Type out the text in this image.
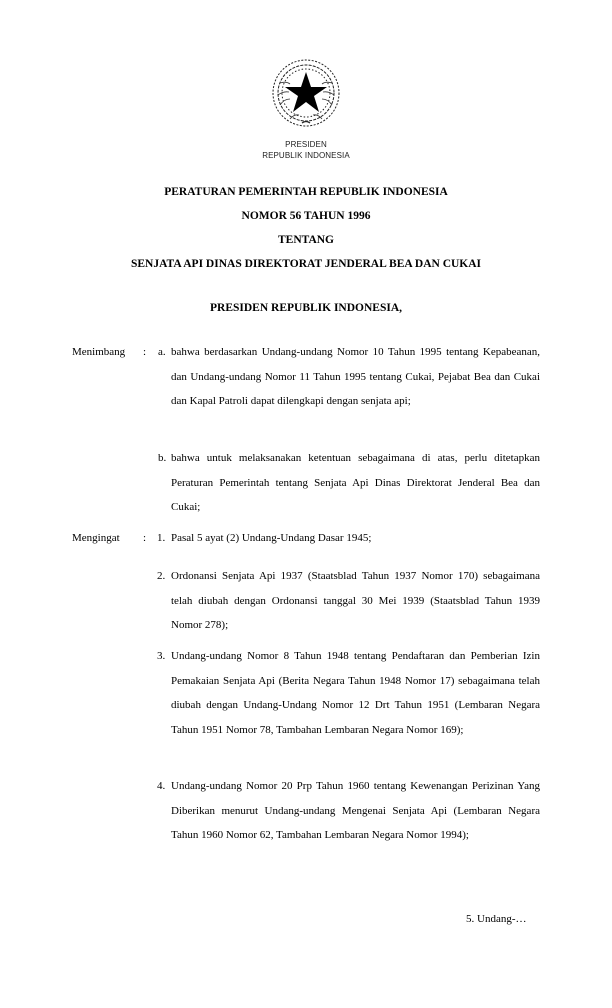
PRESIDEN
REPUBLIK INDONESIA
PERATURAN PEMERINTAH REPUBLIK INDONESIA
NOMOR 56 TAHUN 1996
TENTANG
SENJATA API DINAS DIREKTORAT JENDERAL BEA DAN CUKAI
PRESIDEN REPUBLIK INDONESIA,
Menimbang : a. bahwa berdasarkan Undang-undang Nomor 10 Tahun 1995 tentang Kepabeanan, dan Undang-undang Nomor 11 Tahun 1995 tentang Cukai, Pejabat Bea dan Cukai dan Kapal Patroli dapat dilengkapi dengan senjata api;
b. bahwa untuk melaksanakan ketentuan sebagaimana di atas, perlu ditetapkan Peraturan Pemerintah tentang Senjata Api Dinas Direktorat Jenderal Bea dan Cukai;
Mengingat : 1. Pasal 5 ayat (2) Undang-Undang Dasar 1945;
2. Ordonansi Senjata Api 1937 (Staatsblad Tahun 1937 Nomor 170) sebagaimana telah diubah dengan Ordonansi tanggal 30 Mei 1939 (Staatsblad Tahun 1939 Nomor 278);
3. Undang-undang Nomor 8 Tahun 1948 tentang Pendaftaran dan Pemberian Izin Pemakaian Senjata Api (Berita Negara Tahun 1948 Nomor 17) sebagaimana telah diubah dengan Undang-Undang Nomor 12 Drt Tahun 1951 (Lembaran Negara Tahun 1951 Nomor 78, Tambahan Lembaran Negara Nomor 169);
4. Undang-undang Nomor 20 Prp Tahun 1960 tentang Kewenangan Perizinan Yang Diberikan menurut Undang-undang Mengenai Senjata Api (Lembaran Negara Tahun 1960 Nomor 62, Tambahan Lembaran Negara Nomor 1994);
5. Undang-…
